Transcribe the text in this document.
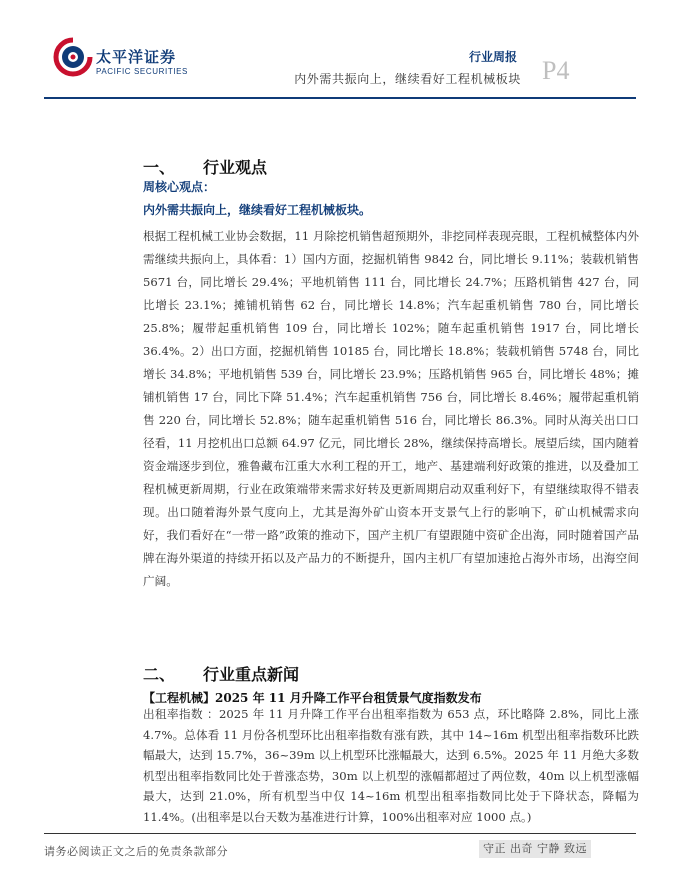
太平洋证券
PACIFIC SECURITIES
行业周报
内外需共振向上，继续看好工程机械板块 P4
一、 行业观点
周核心观点：
内外需共振向上，继续看好工程机械板块。

根据工程机械工业协会数据，11 月除挖机销售超预期外，非挖同样表现亮眼，工程机械整体内外需继续共振向上，具体看：1）国内方面，挖掘机销售 9842 台，同比增长 9.11%；装载机销售 5671 台，同比增长 29.4%；平地机销售 111 台，同比增长 24.7%；压路机销售 427 台，同比增长 23.1%；摊铺机销售 62 台，同比增长 14.8%；汽车起重机销售 780 台，同比增长 25.8%；履带起重机销售 109 台，同比增长 102%；随车起重机销售 1917 台，同比增长 36.4%。2）出口方面，挖掘机销售 10185 台，同比增长 18.8%；装载机销售 5748 台，同比增长 34.8%；平地机销售 539 台，同比增长 23.9%；压路机销售 965 台，同比增长 48%；摊铺机销售 17 台，同比下降 51.4%；汽车起重机销售 756 台，同比增长 8.46%；履带起重机销售 220 台，同比增长 52.8%；随车起重机销售 516 台，同比增长 86.3%。同时从海关出口口径看，11 月挖机出口总额 64.97 亿元，同比增长 28%，继续保持高增长。展望后续，国内随着资金端逐步到位，雅鲁藏布江重大水利工程的开工，地产、基建端利好政策的推进，以及叠加工程机械更新周期，行业在政策端带来需求好转及更新周期启动双重利好下，有望继续取得不错表现。出口随着海外景气度向上，尤其是海外矿山资本开支景气上行的影响下，矿山机械需求向好，我们看好在“一带一路”政策的推动下，国产主机厂有望跟随中资矿企出海，同时随着国产品牌在海外渠道的持续开拓以及产品力的不断提升，国内主机厂有望加速抢占海外市场，出海空间广阔。

二、 行业重点新闻
【工程机械】2025 年 11 月升降工作平台租赁景气度指数发布

出租率指数 ：2025 年 11 月升降工作平台出租率指数为 653 点，环比略降 2.8%，同比上涨 4.7%。总体看 11 月份各机型环比出租率指数有涨有跌，其中 14~16m 机型出租率指数环比跌幅最大，达到 15.7%，36~39m 以上机型环比涨幅最大，达到 6.5%。2025 年 11 月绝大多数机型出租率指数同比处于普涨态势，30m 以上机型的涨幅都超过了两位数，40m 以上机型涨幅最大，达到 21.0%，所有机型当中仅 14~16m 机型出租率指数同比处于下降状态，降幅为 11.4%。(出租率是以台天数为基准进行计算，100%出租率对应 1000 点。)

请务必阅读正文之后的免责条款部分	守正 出奇 宁静 致远
